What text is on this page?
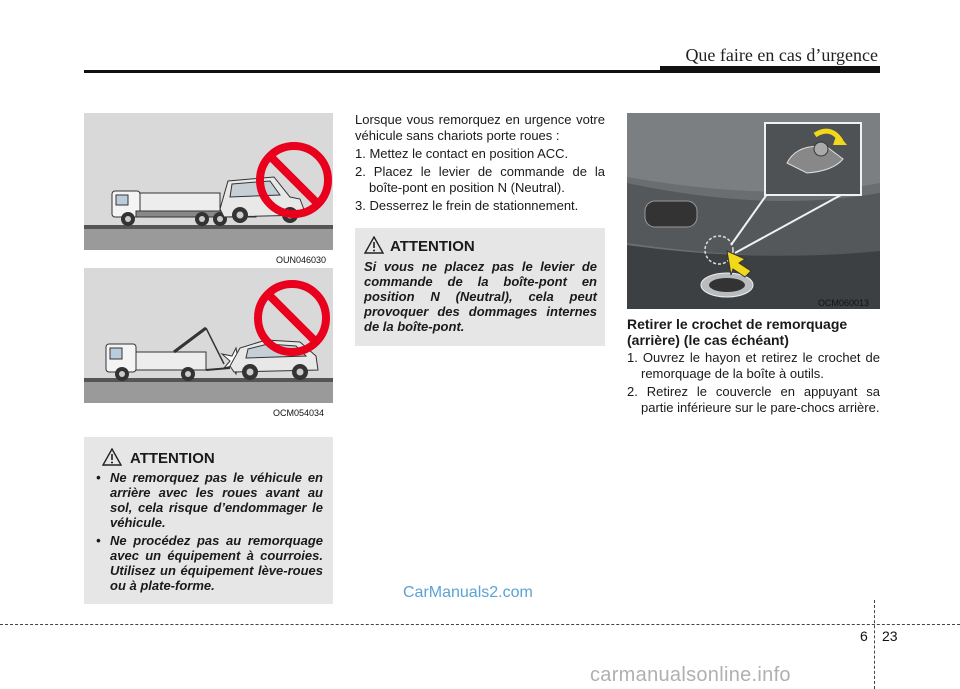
Que faire en cas d’urgence
OUN046030
OCM054034
ATTENTION
• Ne remorquez pas le véhicule en arrière avec les roues avant au sol, cela risque d’endommager le véhicule.
• Ne procédez pas au remorquage avec un équipement à courroies. Utilisez un équipement lève-roues ou à plate-forme.

Lorsque vous remorquez en urgence votre véhicule sans chariots porte roues :

1. Mettez le contact en position ACC.

2. Placez le levier de commande de la boîte-pont en position N (Neutral).

3. Desserrez le frein de stationnement.

ATTENTION
Si vous ne placez pas le levier de commande de la boîte-pont en position N (Neutral), cela peut provoquer des dommages internes de la boîte-pont.
OCM060013
Retirer le crochet de remorquage (arrière) (le cas échéant)

1. Ouvrez le hayon et retirez le crochet de remorquage de la boîte à outils.

2. Retirez le couvercle en appuyant sa partie inférieure sur le pare-chocs arrière.

CarManuals2.com
6 23
carmanualsonline.info
